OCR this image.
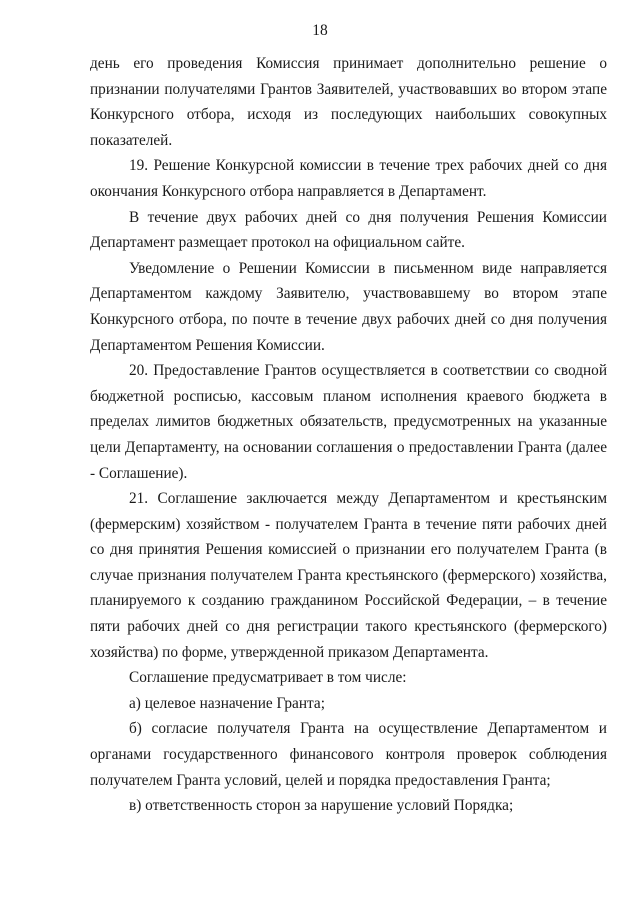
18

день его проведения Комиссия принимает дополнительно решение о признании получателями Грантов Заявителей, участвовавших во втором этапе Конкурсного отбора, исходя из последующих наибольших совокупных показателей.

19. Решение Конкурсной комиссии в течение трех рабочих дней со дня окончания Конкурсного отбора направляется в Департамент.

В течение двух рабочих дней со дня получения Решения Комиссии Департамент размещает протокол на официальном сайте.

Уведомление о Решении Комиссии в письменном виде направляется Департаментом каждому Заявителю, участвовавшему во втором этапе Конкурсного отбора, по почте в течение двух рабочих дней со дня получения Департаментом Решения Комиссии.

20. Предоставление Грантов осуществляется в соответствии со сводной бюджетной росписью, кассовым планом исполнения краевого бюджета в пределах лимитов бюджетных обязательств, предусмотренных на указанные цели Департаменту, на основании соглашения о предоставлении Гранта (далее - Соглашение).

21. Соглашение заключается между Департаментом и крестьянским (фермерским) хозяйством - получателем Гранта в течение пяти рабочих дней со дня принятия Решения комиссией о признании его получателем Гранта (в случае признания получателем Гранта крестьянского (фермерского) хозяйства, планируемого к созданию гражданином Российской Федерации, – в течение пяти рабочих дней со дня регистрации такого крестьянского (фермерского) хозяйства) по форме, утвержденной приказом Департамента.

Соглашение предусматривает в том числе:

а) целевое назначение Гранта;

б) согласие получателя Гранта на осуществление Департаментом и органами государственного финансового контроля проверок соблюдения получателем Гранта условий, целей и порядка предоставления Гранта;

в) ответственность сторон за нарушение условий Порядка;
